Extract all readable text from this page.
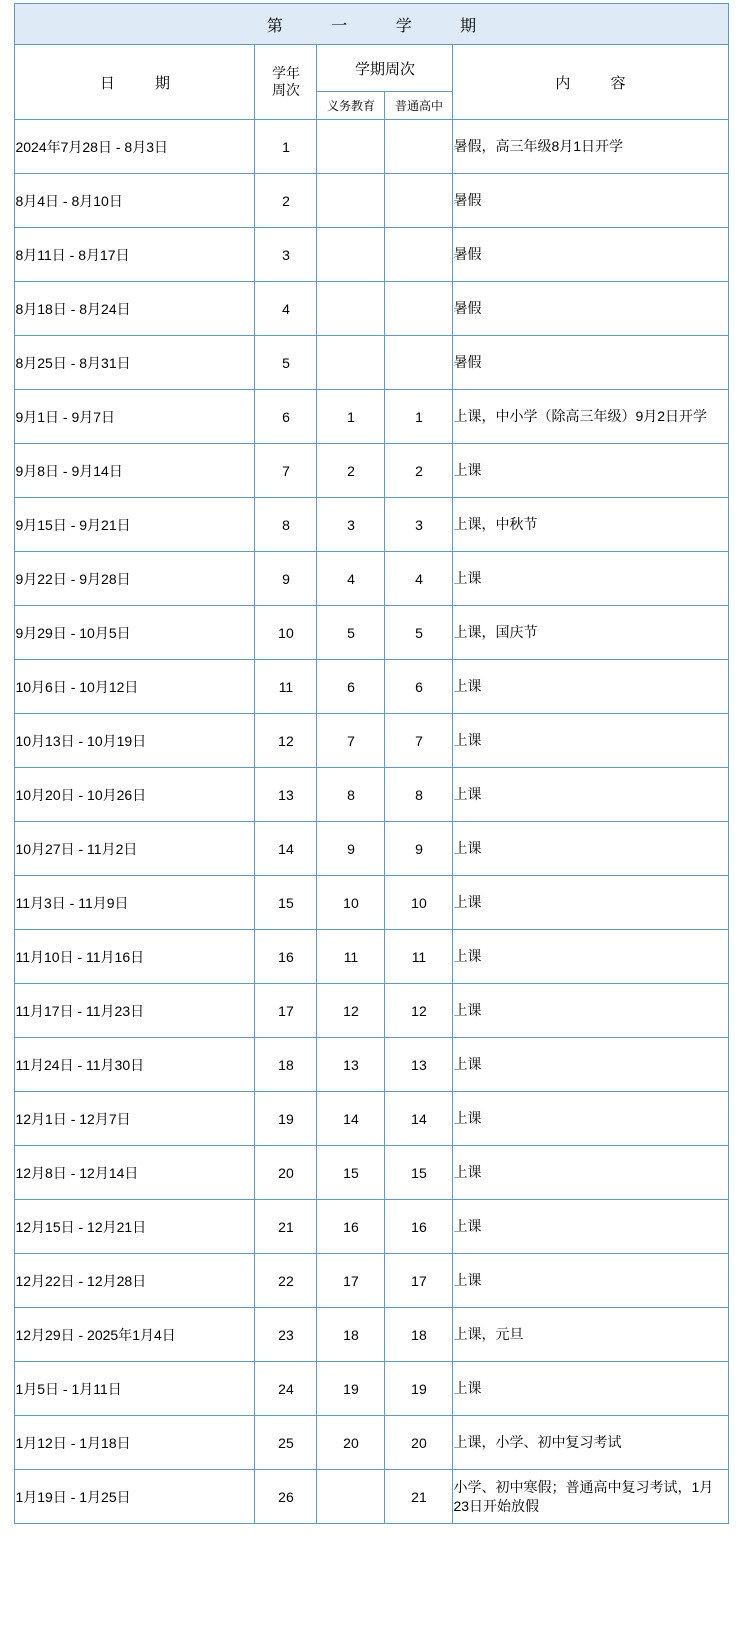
第 一 学 期				
日 期	学年
周次	学期周次		内 容
		义务教育	普通高中	
2024年7月28日 - 8月3日	1			暑假，高三年级8月1日开学
8月4日 - 8月10日	2			暑假
8月11日 - 8月17日	3			暑假
8月18日 - 8月24日	4			暑假
8月25日 - 8月31日	5			暑假
9月1日 - 9月7日	6	1	1	上课，中小学（除高三年级）9月2日开学
9月8日 - 9月14日	7	2	2	上课
9月15日 - 9月21日	8	3	3	上课，中秋节
9月22日 - 9月28日	9	4	4	上课
9月29日 - 10月5日	10	5	5	上课，国庆节
10月6日 - 10月12日	11	6	6	上课
10月13日 - 10月19日	12	7	7	上课
10月20日 - 10月26日	13	8	8	上课
10月27日 - 11月2日	14	9	9	上课
11月3日 - 11月9日	15	10	10	上课
11月10日 - 11月16日	16	11	11	上课
11月17日 - 11月23日	17	12	12	上课
11月24日 - 11月30日	18	13	13	上课
12月1日 - 12月7日	19	14	14	上课
12月8日 - 12月14日	20	15	15	上课
12月15日 - 12月21日	21	16	16	上课
12月22日 - 12月28日	22	17	17	上课
12月29日 - 2025年1月4日	23	18	18	上课，元旦
1月5日 - 1月11日	24	19	19	上课
1月12日 - 1月18日	25	20	20	上课，小学、初中复习考试
1月19日 - 1月25日	26		21	小学、初中寒假；普通高中复习考试，1月23日开始放假
